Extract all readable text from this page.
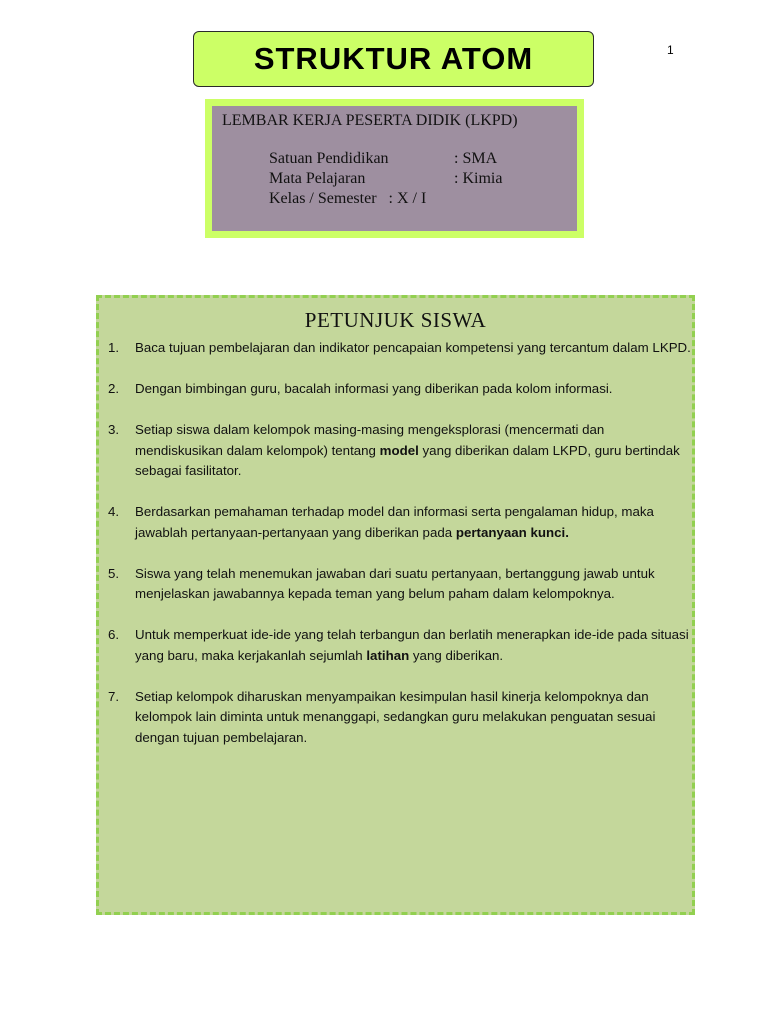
STRUKTUR ATOM	1
LEMBAR KERJA PESERTA DIDIK (LKPD)
Satuan Pendidikan	: SMA
Mata Pelajaran	: Kimia
Kelas / Semester : X / I
PETUNJUK SISWA
1.	Baca tujuan pembelajaran dan indikator pencapaian kompetensi yang tercantum dalam LKPD.
2.	Dengan bimbingan guru, bacalah informasi yang diberikan pada kolom informasi.
3.	Setiap siswa dalam kelompok masing-masing mengeksplorasi (mencermati dan mendiskusikan dalam kelompok) tentang model yang diberikan dalam LKPD, guru bertindak sebagai fasilitator.
4.	Berdasarkan pemahaman terhadap model dan informasi serta pengalaman hidup, maka jawablah pertanyaan-pertanyaan yang diberikan pada pertanyaan kunci.
5.	Siswa yang telah menemukan jawaban dari suatu pertanyaan, bertanggung jawab untuk menjelaskan jawabannya kepada teman yang belum paham dalam kelompoknya.
6.	Untuk memperkuat ide-ide yang telah terbangun dan berlatih menerapkan ide-ide pada situasi yang baru, maka kerjakanlah sejumlah latihan yang diberikan.
7.	Setiap kelompok diharuskan menyampaikan kesimpulan hasil kinerja kelompoknya dan kelompok lain diminta untuk menanggapi, sedangkan guru melakukan penguatan sesuai dengan tujuan pembelajaran.
